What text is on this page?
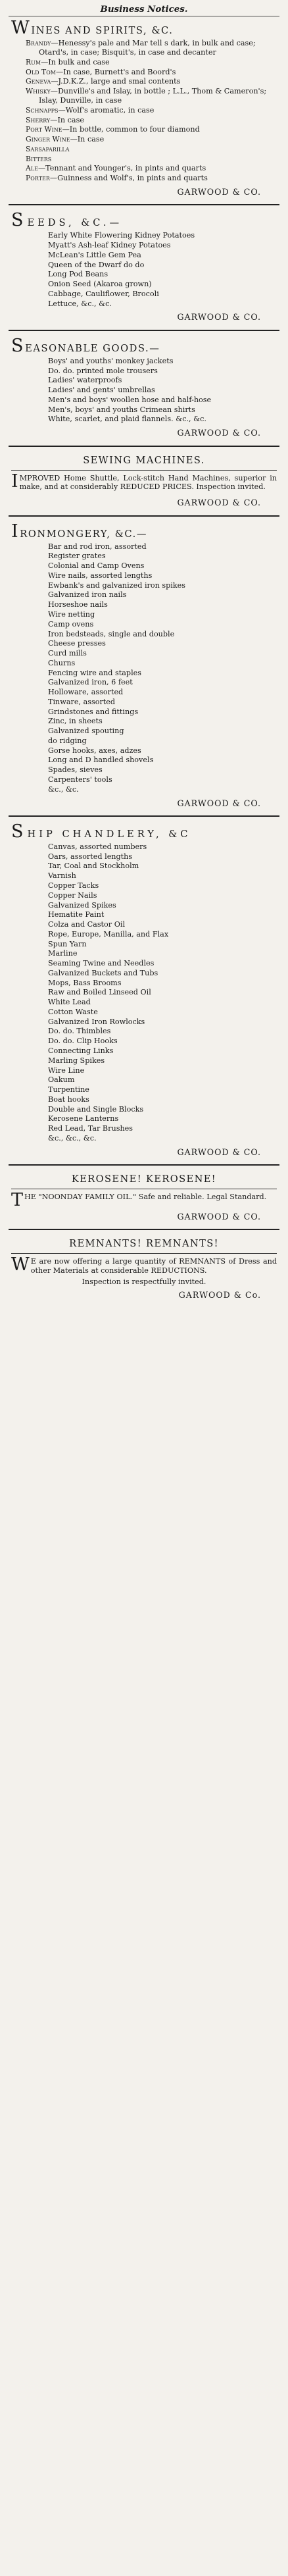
Business Notices.
WINES AND SPIRITS, &C.
Brandy—Henessy's pale and Mar tell s dark, in bulk and case; Otard's, in case; Bisquit's, in case and decanter
Rum—In bulk and case
Old Tom—In case, Burnett's and Boord's
Geneva—J.D.K.Z., large and smal contents
Whisky—Dunville's and Islay, in bottle ; L.L., Thom & Cameron's; Islay, Dunville, in case
Schnapps—Wolf's aromatic, in case
Sherry—In case
Port Wine—In bottle, common to four diamond
Ginger Wine—In case
Sarsaparilla
Bitters
Ale—Tennant and Younger's, in pints and quarts
Porter—Guinness and Wolf's, in pints and quarts
GARWOOD & CO.
SEEDS, &C.—
Early White Flowering Kidney Potatoes
Myatt's Ash-leaf Kidney Potatoes
McLean's Little Gem Pea
Queen of the Dwarf do do
Long Pod Beans
Onion Seed (Akaroa grown)
Cabbage, Cauliflower, Brocoli
Lettuce, &c., &c.
GARWOOD & CO.
SEASONABLE GOODS.—
Boys' and youths' monkey jackets
Do. do. printed mole trousers
Ladies' waterproofs
Ladies' and gents' umbrellas
Men's and boys' woollen hose and half-hose
Men's, boys' and youths Crimean shirts
White, scarlet, and plaid flannels. &c., &c.
GARWOOD & CO.
SEWING MACHINES.
IMPROVED Home Shuttle, Lock-stitch Hand Machines, superior in make, and at considerably REDUCED PRICES. Inspection invited.
GARWOOD & CO.
IRONMONGERY, &C.—
Bar and rod iron, assorted
Register grates
Colonial and Camp Ovens
Wire nails, assorted lengths
Ewbank's and galvanized iron spikes
Galvanized iron nails
Horseshoe nails
Wire netting
Camp ovens
Iron bedsteads, single and double
Cheese presses
Curd mills
Churns
Fencing wire and staples
Galvanized iron, 6 feet
Holloware, assorted
Tinware, assorted
Grindstones and fittings
Zinc, in sheets
Galvanized spouting
do ridging
Gorse hooks, axes, adzes
Long and D handled shovels
Spades, sieves
Carpenters' tools
&c., &c.
GARWOOD & CO.
SHIP CHANDLERY, &C
Canvas, assorted numbers
Oars, assorted lengths
Tar, Coal and Stockholm
Varnish
Copper Tacks
Copper Nails
Galvanized Spikes
Hematite Paint
Colza and Castor Oil
Rope, Europe, Manilla, and Flax
Spun Yarn
Marline
Seaming Twine and Needles
Galvanized Buckets and Tubs
Mops, Bass Brooms
Raw and Boiled Linseed Oil
White Lead
Cotton Waste
Galvanized Iron Rowlocks
Do. do. Thimbles
Do. do. Clip Hooks
Connecting Links
Marling Spikes
Wire Line
Oakum
Turpentine
Boat hooks
Double and Single Blocks
Kerosene Lanterns
Red Lead, Tar Brushes
&c., &c., &c.
GARWOOD & CO.
KEROSENE! KEROSENE!
THE "NOONDAY FAMILY OIL." Safe and reliable. Legal Standard.
GARWOOD & CO.
REMNANTS! REMNANTS!
W E are now offering a large quantity of REMNANTS of Dress and other Materials at considerable REDUCTIONS.
Inspection is respectfully invited.
GARWOOD & Co.
